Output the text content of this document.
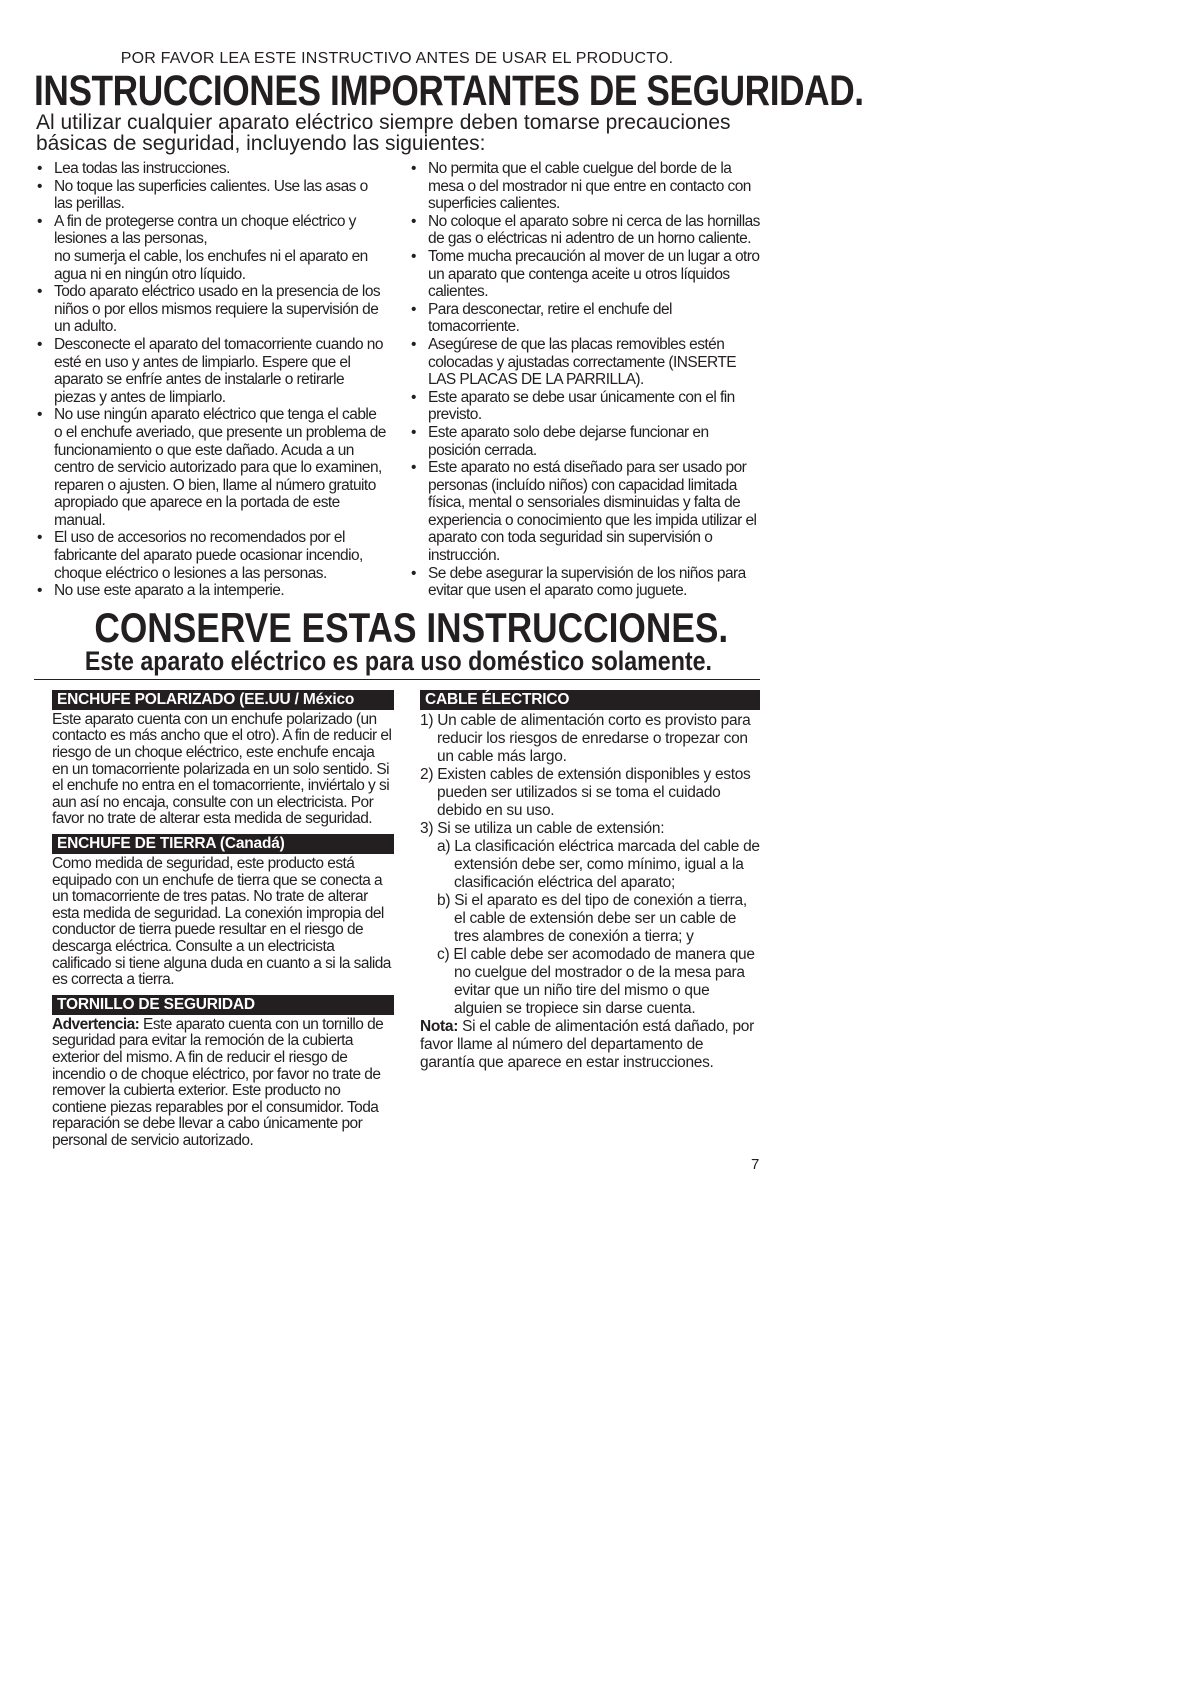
POR FAVOR LEA ESTE INSTRUCTIVO ANTES DE USAR EL PRODUCTO.

INSTRUCCIONES IMPORTANTES DE SEGURIDAD.

Al utilizar cualquier aparato eléctrico siempre deben tomarse precauciones básicas de seguridad, incluyendo las siguientes:

• Lea todas las instrucciones.
• No toque las superficies calientes. Use las asas o las perillas.
• A fin de protegerse contra un choque eléctrico y lesiones a las personas,
no sumerja el cable, los enchufes ni el aparato en agua ni en ningún otro líquido.
• Todo aparato eléctrico usado en la presencia de los niños o por ellos mismos requiere la supervisión de un adulto.
• Desconecte el aparato del tomacorriente cuando no esté en uso y antes de limpiarlo. Espere que el aparato se enfríe antes de instalarle o retirarle piezas y antes de limpiarlo.
• No use ningún aparato eléctrico que tenga el cable o el enchufe averiado, que presente un problema de funcionamiento o que este dañado. Acuda a un centro de servicio autorizado para que lo examinen, reparen o ajusten. O bien, llame al número gratuito apropiado que aparece en la portada de este manual.
• El uso de accesorios no recomendados por el fabricante del aparato puede ocasionar incendio, choque eléctrico o lesiones a las personas.
• No use este aparato a la intemperie.
• No permita que el cable cuelgue del borde de la mesa o del mostrador ni que entre en contacto con superficies calientes.
• No coloque el aparato sobre ni cerca de las hornillas de gas o eléctricas ni adentro de un horno caliente.
• Tome mucha precaución al mover de un lugar a otro un aparato que contenga aceite u otros líquidos calientes.
• Para desconectar, retire el enchufe del tomacorriente.
• Asegúrese de que las placas removibles estén colocadas y ajustadas correctamente (INSERTE LAS PLACAS DE LA PARRILLA).
• Este aparato se debe usar únicamente con el fin previsto.
• Este aparato solo debe dejarse funcionar en posición cerrada.
• Este aparato no está diseñado para ser usado por personas (incluído niños) con capacidad limitada física, mental o sensoriales disminuidas y falta de experiencia o conocimiento que les impida utilizar el aparato con toda seguridad sin supervisión o instrucción.
• Se debe asegurar la supervisión de los niños para evitar que usen el aparato como juguete.
CONSERVE ESTAS INSTRUCCIONES.
Este aparato eléctrico es para uso doméstico solamente.
ENCHUFE POLARIZADO (EE.UU / México

Este aparato cuenta con un enchufe polarizado (un contacto es más ancho que el otro). A fin de reducir el riesgo de un choque eléctrico, este enchufe encaja en un tomacorriente polarizada en un solo sentido. Si el enchufe no entra en el tomacorriente, inviértalo y si aun así no encaja, consulte con un electricista. Por favor no trate de alterar esta medida de seguridad.

ENCHUFE DE TIERRA (Canadá)

Como medida de seguridad, este producto está equipado con un enchufe de tierra que se conecta a un tomacorriente de tres patas. No trate de alterar esta medida de seguridad. La conexión impropia del conductor de tierra puede resultar en el riesgo de descarga eléctrica. Consulte a un electricista calificado si tiene alguna duda en cuanto a si la salida es correcta a tierra.

TORNILLO DE SEGURIDAD

Advertencia: Este aparato cuenta con un tornillo de seguridad para evitar la remoción de la cubierta exterior del mismo. A fin de reducir el riesgo de incendio o de choque eléctrico, por favor no trate de remover la cubierta exterior. Este producto no contiene piezas reparables por el consumidor. Toda reparación se debe llevar a cabo únicamente por personal de servicio autorizado.

CABLE ÉLECTRICO
1) Un cable de alimentación corto es provisto para reducir los riesgos de enredarse o tropezar con un cable más largo.
2) Existen cables de extensión disponibles y estos pueden ser utilizados si se toma el cuidado debido en su uso.
3) Si se utiliza un cable de extensión:
a) La clasificación eléctrica marcada del cable de extensión debe ser, como mínimo, igual a la clasificación eléctrica del aparato;
b) Si el aparato es del tipo de conexión a tierra, el cable de extensión debe ser un cable de tres alambres de conexión a tierra; y
c) El cable debe ser acomodado de manera que no cuelgue del mostrador o de la mesa para evitar que un niño tire del mismo o que alguien se tropiece sin darse cuenta.

Nota: Si el cable de alimentación está dañado, por favor llame al número del departamento de garantía que aparece en estar instrucciones.

7
